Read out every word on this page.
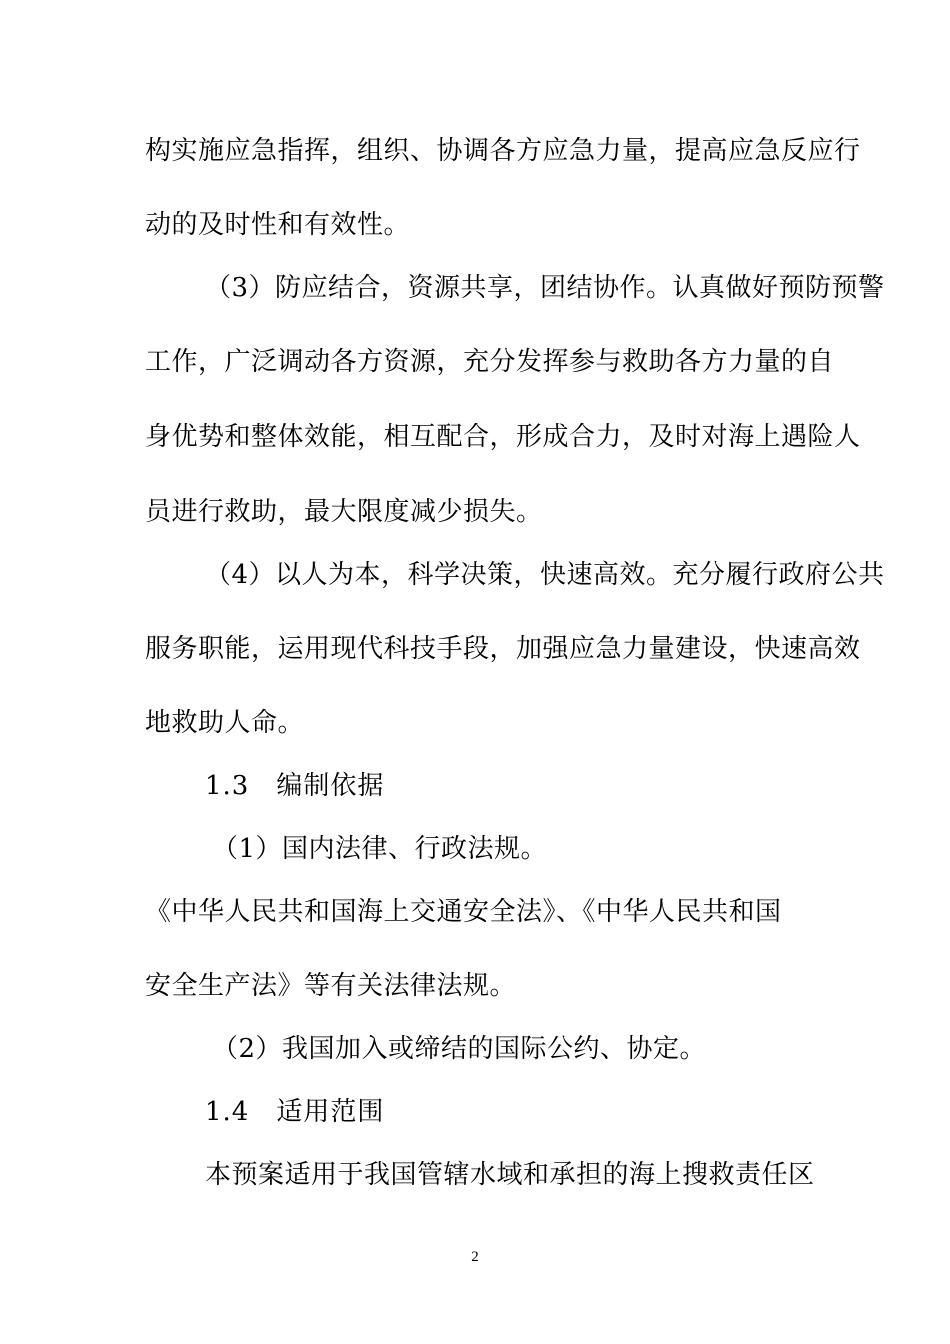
构实施应急指挥，组织、协调各方应急力量，提高应急反应行
动的及时性和有效性。
（3）防应结合，资源共享，团结协作。认真做好预防预警
工作，广泛调动各方资源，充分发挥参与救助各方力量的自
身优势和整体效能，相互配合，形成合力，及时对海上遇险人
员进行救助，最大限度减少损失。
（4）以人为本，科学决策，快速高效。充分履行政府公共
服务职能，运用现代科技手段，加强应急力量建设，快速高效
地救助人命。
1.3　编制依据
（1）国内法律、行政法规。
《中华人民共和国海上交通安全法》、《中华人民共和国
安全生产法》等有关法律法规。
（2）我国加入或缔结的国际公约、协定。
1.4　适用范围
本预案适用于我国管辖水域和承担的海上搜救责任区
2
